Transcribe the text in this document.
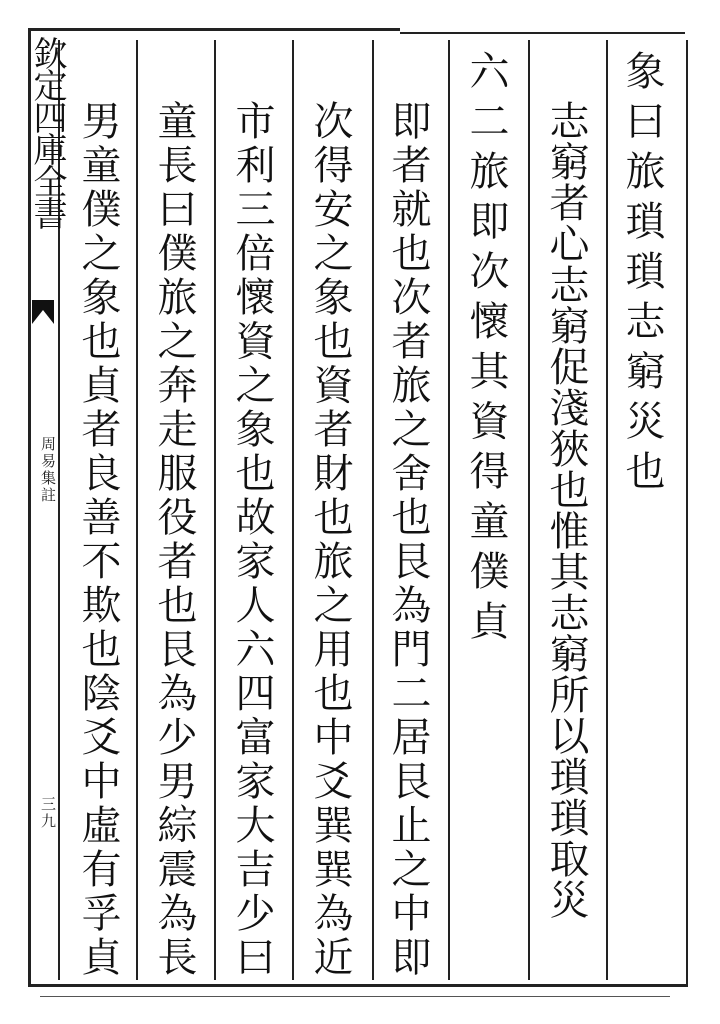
欽定四庫全書
周易集註
三九
象曰旅瑣瑣志窮災也
志窮者心志窮促淺狹也惟其志窮所以瑣瑣取災
六二旅即次懷其資得童僕貞
即者就也次者旅之舍也艮為門二居艮止之中即
次得安之象也資者財也旅之用也中爻巽巽為近
市利三倍懷資之象也故家人六四富家大吉少曰
童長曰僕旅之奔走服役者也艮為少男綜震為長
男童僕之象也貞者良善不欺也陰爻中虛有孚貞
